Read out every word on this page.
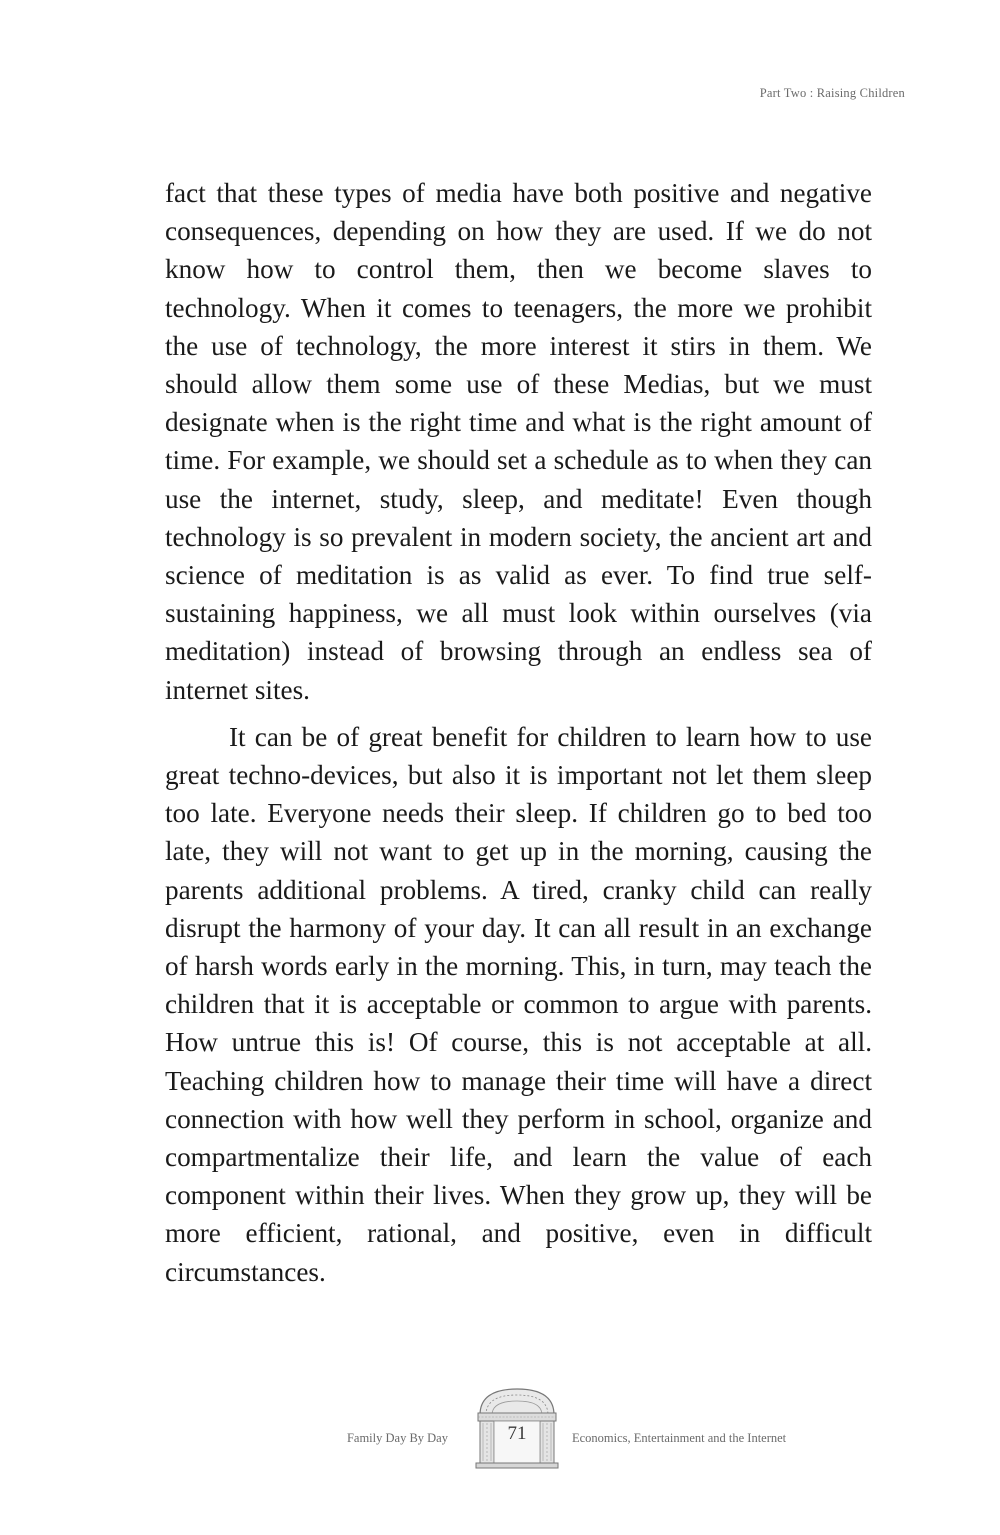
Part Two : Raising Children

fact that these types of media have both positive and negative consequences, depending on how they are used. If we do not know how to control them, then we become slaves to technology. When it comes to teenagers, the more we prohibit the use of technology, the more interest it stirs in them. We should allow them some use of these Medias, but we must designate when is the right time and what is the right amount of time. For example, we should set a schedule as to when they can use the internet, study, sleep, and meditate! Even though technology is so prevalent in modern society, the ancient art and science of meditation is as valid as ever. To find true self-sustaining happiness, we all must look within ourselves (via meditation) instead of browsing through an endless sea of internet sites.

It can be of great benefit for children to learn how to use great techno-devices, but also it is important not let them sleep too late. Everyone needs their sleep. If children go to bed too late, they will not want to get up in the morning, causing the parents additional problems. A tired, cranky child can really disrupt the harmony of your day. It can all result in an exchange of harsh words early in the morning. This, in turn, may teach the children that it is acceptable or common to argue with parents. How untrue this is! Of course, this is not acceptable at all. Teaching children how to manage their time will have a direct connection with how well they perform in school, organize and compartmentalize their life, and learn the value of each component within their lives. When they grow up, they will be more efficient, rational, and positive, even in difficult circumstances.

Family Day By Day	71	Economics, Entertainment and the Internet
